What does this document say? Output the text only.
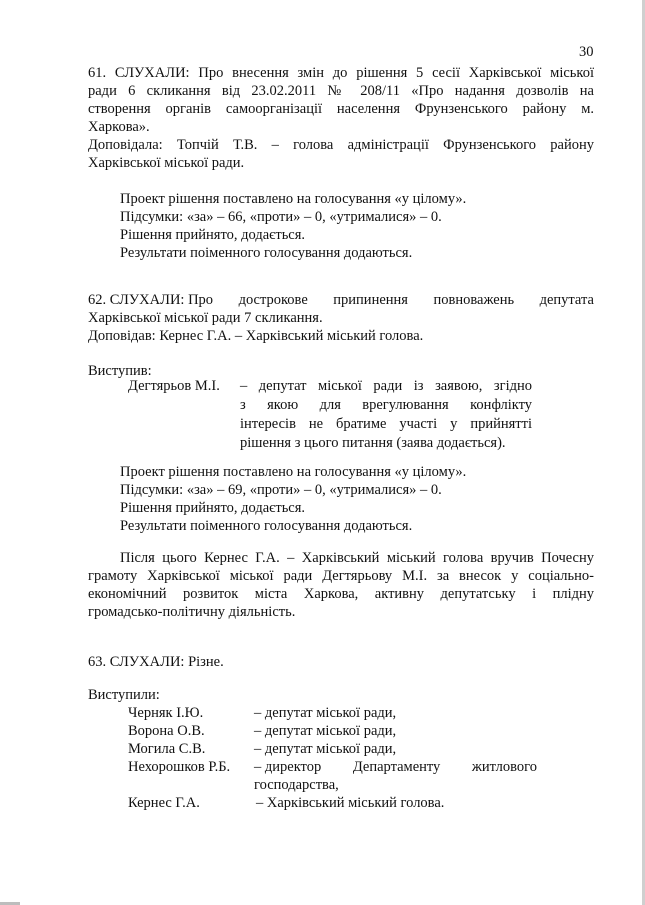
30
61. СЛУХАЛИ: Про внесення змін до рішення 5 сесії Харківської міської
ради 6 скликання від 23.02.2011 № 208/11 «Про надання дозволів на
створення органів самоорганізації населення Фрунзенського району м.
Харкова».
Доповідала: Топчій Т.В. – голова адміністрації Фрунзенського району
Харківської міської ради.
Проект рішення поставлено на голосування «у цілому».
Підсумки: «за» – 66, «проти» – 0, «утрималися» – 0.
Рішення прийнято, додається.
Результати поіменного голосування додаються.
62. СЛУХАЛИ: Про дострокове припинення повноважень депутата
Харківської міської ради 7 скликання.
Доповідав: Кернес Г.А. – Харківський міський голова.
Виступив:
Дегтярьов М.І. – депутат міської ради із заявою, згідно
з якою для врегулювання конфлікту
інтересів не братиме участі у прийнятті
рішення з цього питання (заява додається).
Проект рішення поставлено на голосування «у цілому».
Підсумки: «за» – 69, «проти» – 0, «утрималися» – 0.
Рішення прийнято, додається.
Результати поіменного голосування додаються.
Після цього Кернес Г.А. – Харківський міський голова вручив Почесну
грамоту Харківської міської ради Дегтярьову М.І. за внесок у соціально-
економічний розвиток міста Харкова, активну депутатську і плідну
громадсько-політичну діяльність.
63. СЛУХАЛИ: Різне.
Виступили:
Черняк І.Ю.	– депутат міської ради,
Ворона О.В.	– депутат міської ради,
Могила С.В.	– депутат міської ради,
Нехорошков Р.Б. – директор Департаменту житлового
господарства,
Кернес Г.А.	– Харківський міський голова.
